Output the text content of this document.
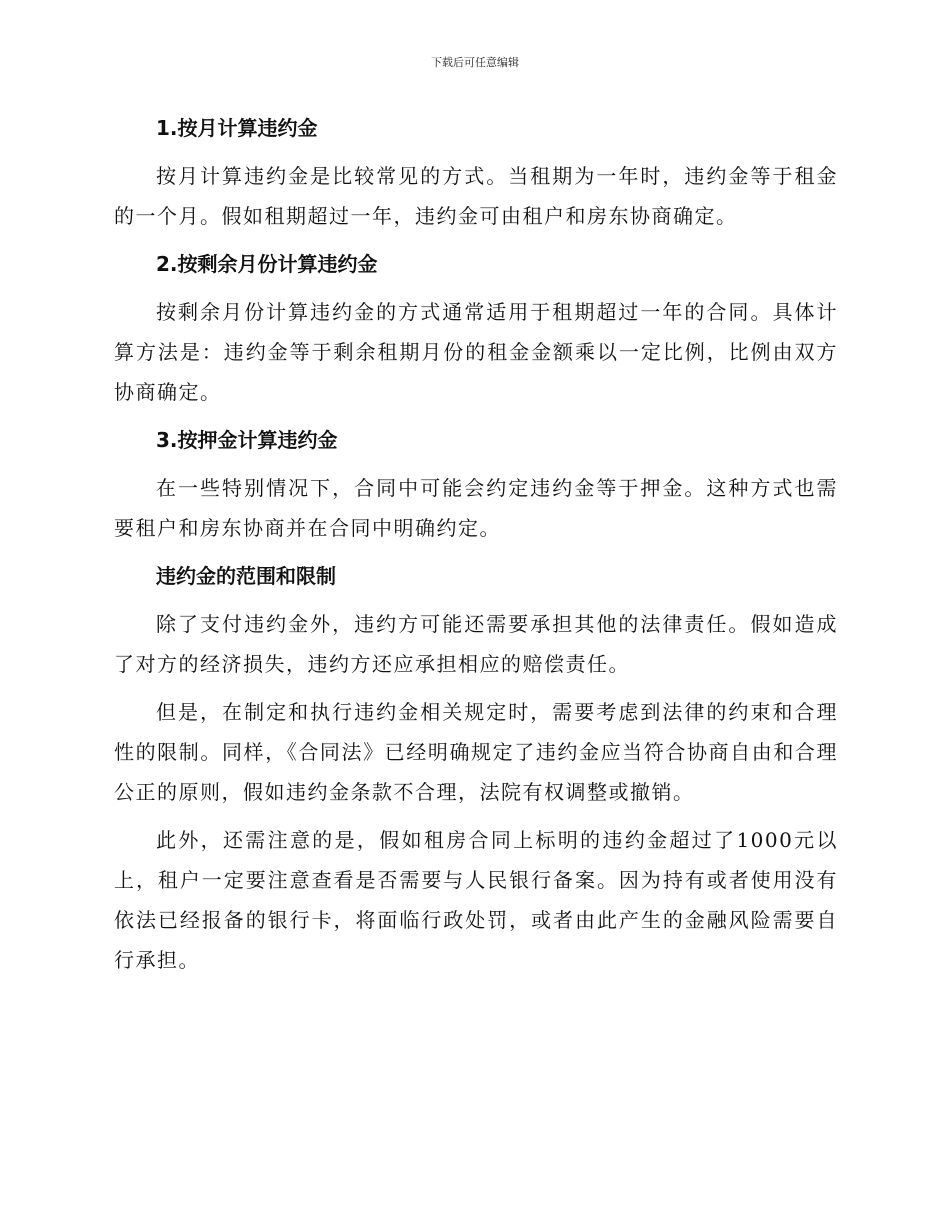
下载后可任意编辑
1.按月计算违约金

按月计算违约金是比较常见的方式。当租期为一年时，违约金等于租金的一个月。假如租期超过一年，违约金可由租户和房东协商确定。

2.按剩余月份计算违约金

按剩余月份计算违约金的方式通常适用于租期超过一年的合同。具体计算方法是：违约金等于剩余租期月份的租金金额乘以一定比例，比例由双方协商确定。

3.按押金计算违约金

在一些特别情况下，合同中可能会约定违约金等于押金。这种方式也需要租户和房东协商并在合同中明确约定。

违约金的范围和限制

除了支付违约金外，违约方可能还需要承担其他的法律责任。假如造成了对方的经济损失，违约方还应承担相应的赔偿责任。

但是，在制定和执行违约金相关规定时，需要考虑到法律的约束和合理性的限制。同样，《合同法》已经明确规定了违约金应当符合协商自由和合理公正的原则，假如违约金条款不合理，法院有权调整或撤销。

此外，还需注意的是，假如租房合同上标明的违约金超过了1000元以上，租户一定要注意查看是否需要与人民银行备案。因为持有或者使用没有依法已经报备的银行卡，将面临行政处罚，或者由此产生的金融风险需要自行承担。
